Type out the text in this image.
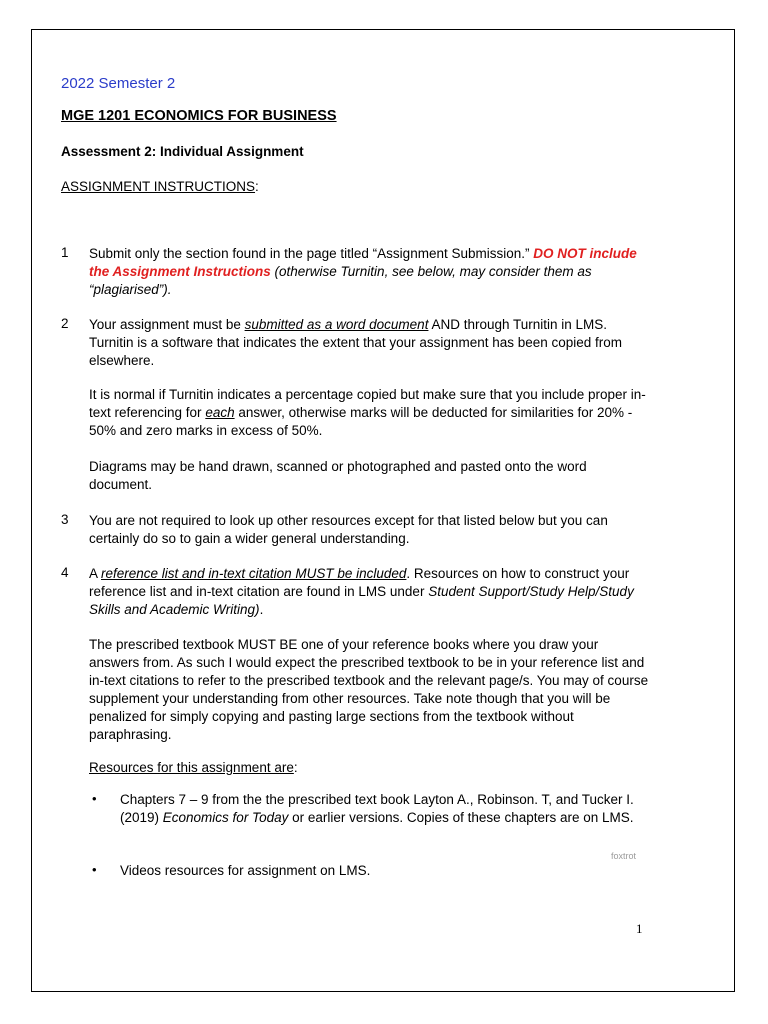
2022 Semester 2
MGE 1201 ECONOMICS FOR BUSINESS
Assessment 2: Individual Assignment
ASSIGNMENT INSTRUCTIONS:
1 Submit only the section found in the page titled “Assignment Submission.” DO NOT include the Assignment Instructions (otherwise Turnitin, see below, may consider them as “plagiarised”).
2 Your assignment must be submitted as a word document AND through Turnitin in LMS. Turnitin is a software that indicates the extent that your assignment has been copied from elsewhere.
It is normal if Turnitin indicates a percentage copied but make sure that you include proper in-text referencing for each answer, otherwise marks will be deducted for similarities for 20% - 50% and zero marks in excess of 50%.
Diagrams may be hand drawn, scanned or photographed and pasted onto the word document.
3 You are not required to look up other resources except for that listed below but you can certainly do so to gain a wider general understanding.
4 A reference list and in-text citation MUST be included. Resources on how to construct your reference list and in-text citation are found in LMS under Student Support/Study Help/Study Skills and Academic Writing).
The prescribed textbook MUST BE one of your reference books where you draw your answers from. As such I would expect the prescribed textbook to be in your reference list and in-text citations to refer to the prescribed textbook and the relevant page/s. You may of course supplement your understanding from other resources. Take note though that you will be penalized for simply copying and pasting large sections from the textbook without paraphrasing.
Resources for this assignment are:
• Chapters 7 – 9 from the the prescribed text book Layton A., Robinson. T, and Tucker I. (2019) Economics for Today or earlier versions. Copies of these chapters are on LMS.
• Videos resources for assignment on LMS.
foxtrot
1
